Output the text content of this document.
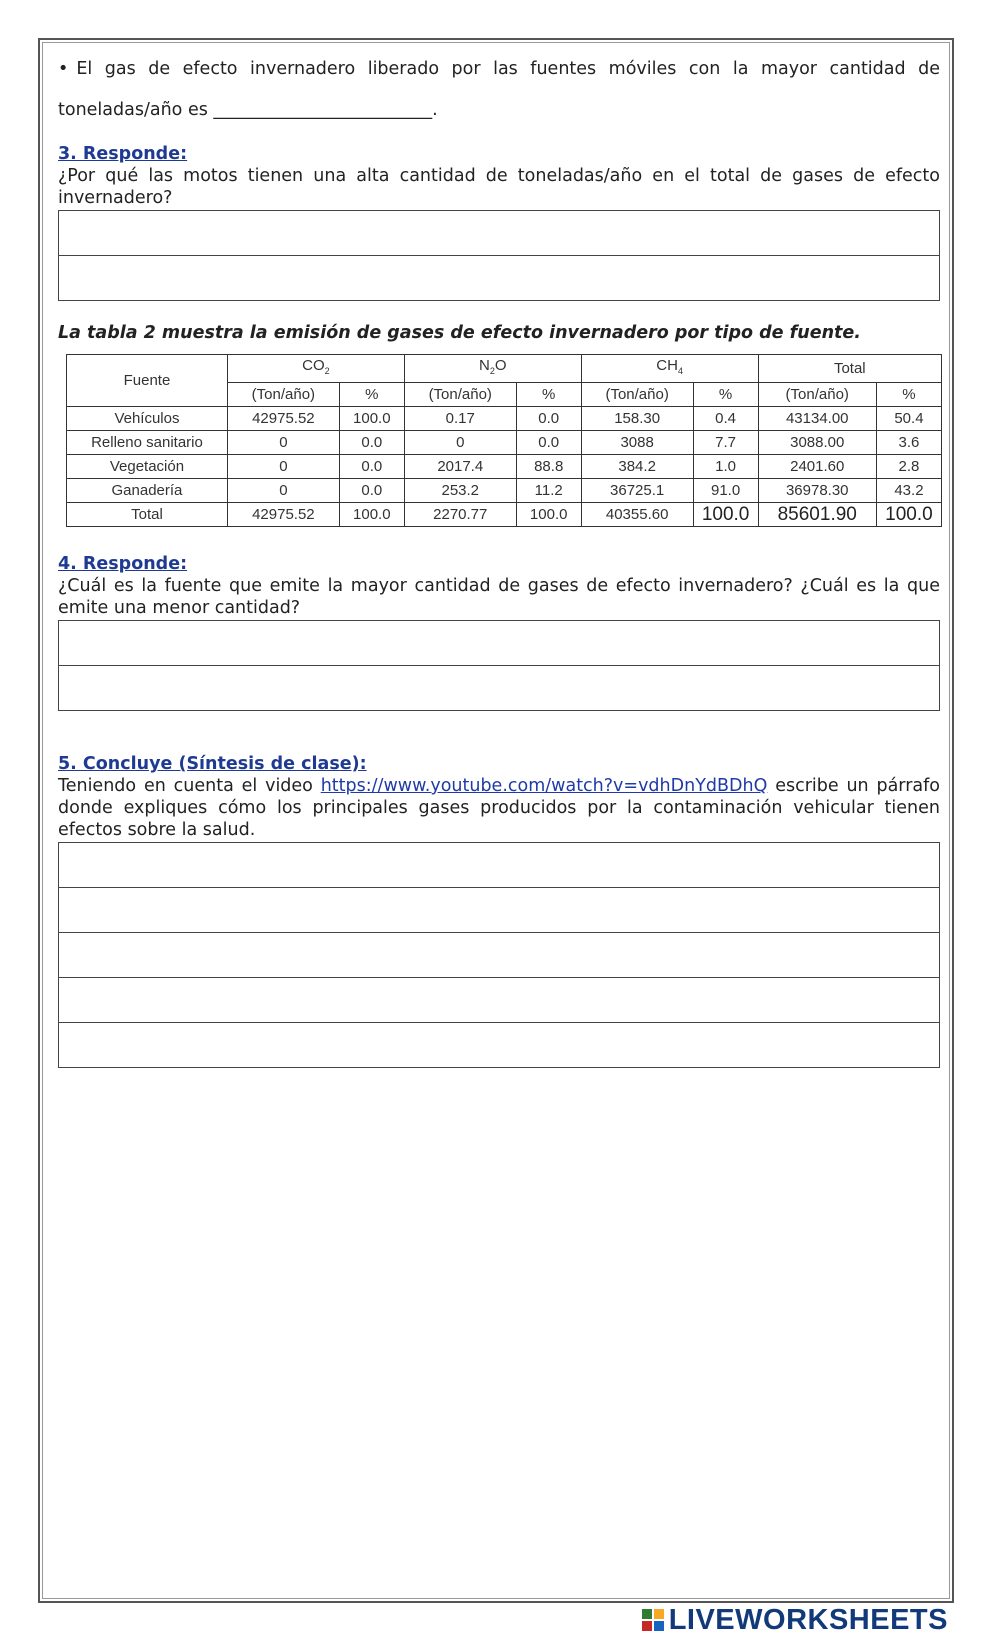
• El gas de efecto invernadero liberado por las fuentes móviles con la mayor cantidad de
toneladas/año es _________________________.
3. Responde:
¿Por qué las motos tienen una alta cantidad de toneladas/año en el total de gases de efecto invernadero?
La tabla 2 muestra la emisión de gases de efecto invernadero por tipo de fuente.
Fuente	$CO_2$		$N_2O$		$CH_4$		Total	
	(Ton/año)	%	(Ton/año)	%	(Ton/año)	%	(Ton/año)	%
Vehículos	42975.52	100.0	0.17	0.0	158.30	0.4	43134.00	50.4
Relleno sanitario	0	0.0	0	0.0	3088	7.7	3088.00	3.6
Vegetación	0	0.0	2017.4	88.8	384.2	1.0	2401.60	2.8
Ganadería	0	0.0	253.2	11.2	36725.1	91.0	36978.30	43.2
Total	42975.52	100.0	2270.77	100.0	40355.60	100.0	85601.90	100.0
4. Responde:
¿Cuál es la fuente que emite la mayor cantidad de gases de efecto invernadero? ¿Cuál es la que emite una menor cantidad?
5. Concluye (Síntesis de clase):
Teniendo en cuenta el video https://www.youtube.com/watch?v=vdhDnYdBDhQ escribe un párrafo donde expliques cómo los principales gases producidos por la contaminación vehicular tienen efectos sobre la salud.
LIVEWORKSHEETS
